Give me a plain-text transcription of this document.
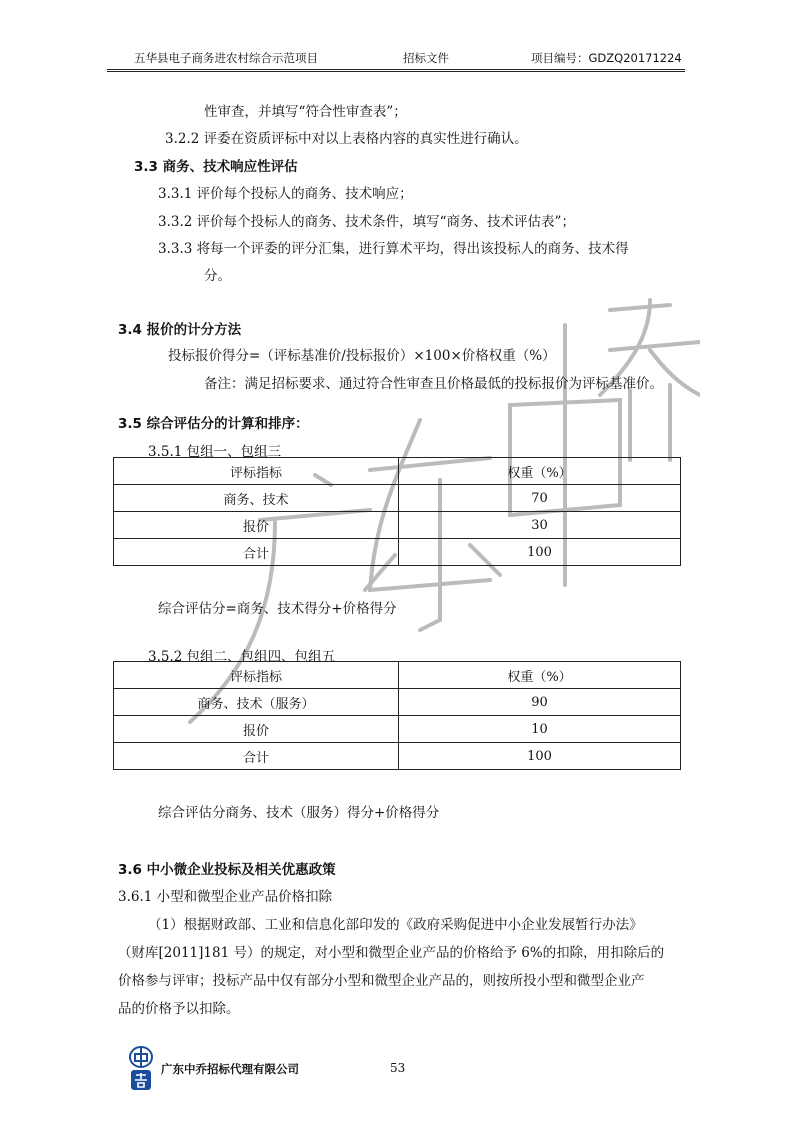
五华县电子商务进农村综合示范项目	招标文件	项目编号：GDZQ20171224
性审查，并填写“符合性审查表”；
3.2.2 评委在资质评标中对以上表格内容的真实性进行确认。
3.3 商务、技术响应性评估
3.3.1 评价每个投标人的商务、技术响应；
3.3.2 评价每个投标人的商务、技术条件，填写“商务、技术评估表”；
3.3.3 将每一个评委的评分汇集，进行算术平均，得出该投标人的商务、技术得
分。
3.4 报价的计分方法
投标报价得分=（评标基准价/投标报价）×100×价格权重（%）
备注：满足招标要求、通过符合性审查且价格最低的投标报价为评标基准价。
3.5 综合评估分的计算和排序：
3.5.1 包组一、包组三
评标指标	权重（%）
商务、技术	70
报价	30
合计	100
综合评估分=商务、技术得分+价格得分
3.5.2 包组二、包组四、包组五
评标指标	权重（%）
商务、技术（服务）	90
报价	10
合计	100
综合评估分商务、技术（服务）得分+价格得分
3.6 中小微企业投标及相关优惠政策
3.6.1 小型和微型企业产品价格扣除
（1）根据财政部、工业和信息化部印发的《政府采购促进中小企业发展暂行办法》
（财库[2011]181 号）的规定，对小型和微型企业产品的价格给予 6%的扣除，用扣除后的
价格参与评审；投标产品中仅有部分小型和微型企业产品的，则按所投小型和微型企业产
品的价格予以扣除。
广东中乔招标代理有限公司	53
